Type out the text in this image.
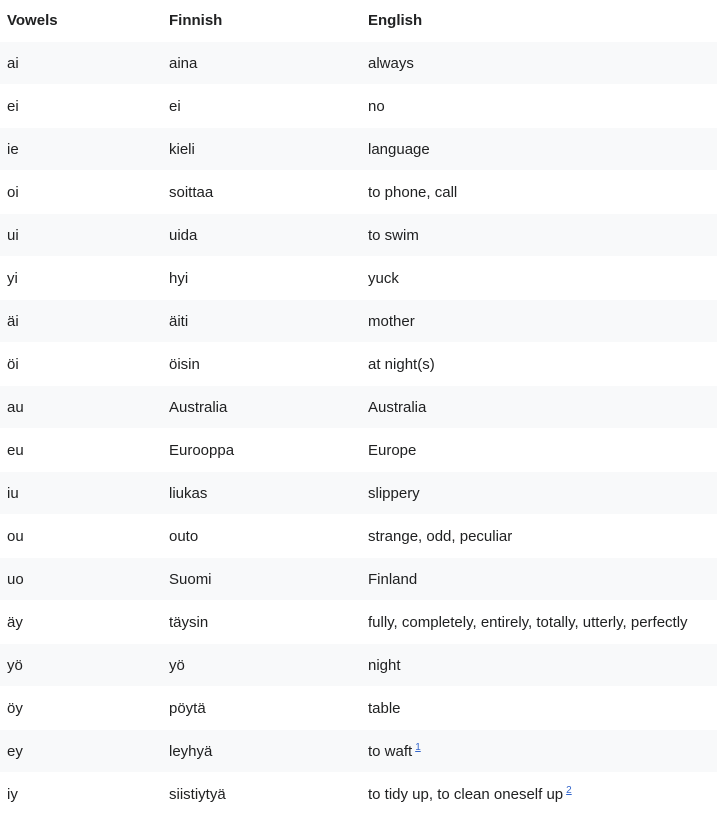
Vowels	Finnish	English
ai	aina	always
ei	ei	no
ie	kieli	language
oi	soittaa	to phone, call
ui	uida	to swim
yi	hyi	yuck
äi	äiti	mother
öi	öisin	at night(s)
au	Australia	Australia
eu	Eurooppa	Europe
iu	liukas	slippery
ou	outo	strange, odd, peculiar
uo	Suomi	Finland
äy	täysin	fully, completely, entirely, totally, utterly, perfectly
yö	yö	night
öy	pöytä	table
ey	leyhyä	to waft $^1$
iy	siistiytyä	to tidy up, to clean oneself up $^2$
